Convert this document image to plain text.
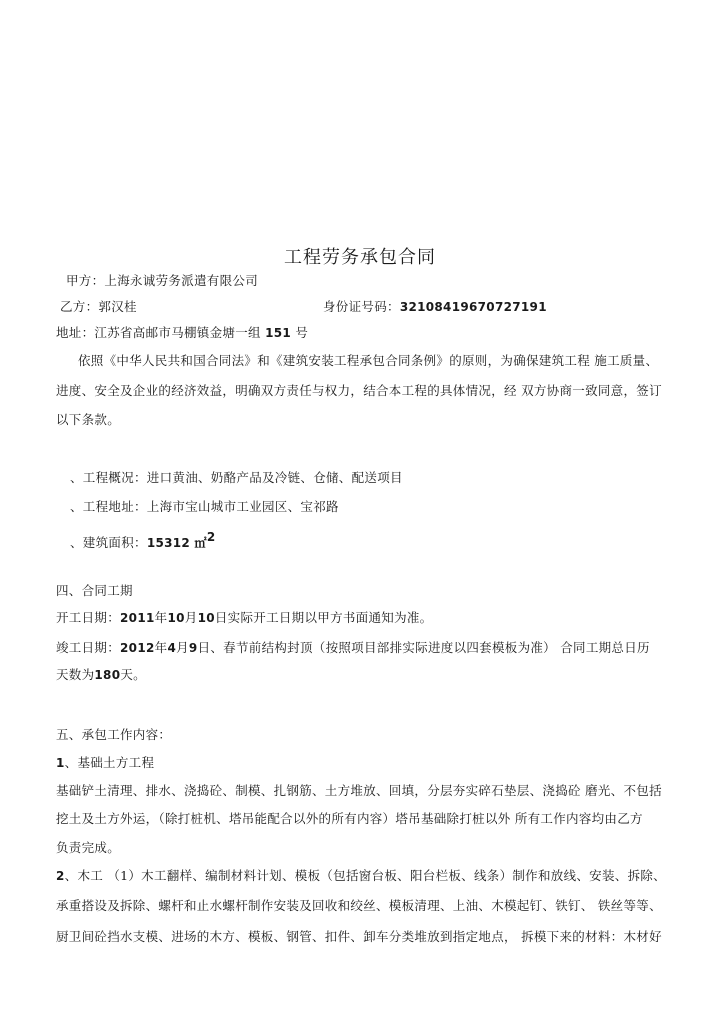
工程劳务承包合同
甲方：上海永诚劳务派遣有限公司
乙方：郭汉桂	身份证号码：32108419670727191
地址：江苏省高邮市马棚镇金塘一组 151 号
依照《中华人民共和国合同法》和《建筑安装工程承包合同条例》的原则，为确保建筑工程 施工质量、
进度、安全及企业的经济效益，明确双方责任与权力，结合本工程的具体情况，经 双方协商一致同意，签订
以下条款。
、工程概况：进口黄油、奶酪产品及冷链、仓储、配送项目
、工程地址：上海市宝山城市工业园区、宝祁路
、建筑面积：15312 ㎡$^2$
四、合同工期
开工日期：2011年10月10日实际开工日期以甲方书面通知为准。
竣工日期：2012年4月9日、春节前结构封顶（按照项目部排实际进度以四套模板为准） 合同工期总日历
天数为180天。
五、承包工作内容：
1、基础土方工程
基础铲土清理、排水、浇捣砼、制模、扎钢筋、土方堆放、回填，分层夯实碎石垫层、浇捣砼 磨光、不包括
挖土及土方外运，（除打桩机、塔吊能配合以外的所有内容）塔吊基础除打桩以外 所有工作内容均由乙方
负责完成。
2、木工 （1）木工翻样、编制材料计划、模板（包括窗台板、阳台栏板、线条）制作和放线、安装、拆除、
承重搭设及拆除、螺杆和止水螺杆制作安装及回收和绞丝、模板清理、上油、木模起钉、铁钉、 铁丝等等、
厨卫间砼挡水支模、进场的木方、模板、钢管、扣件、卸车分类堆放到指定地点， 拆模下来的材料：木材好
